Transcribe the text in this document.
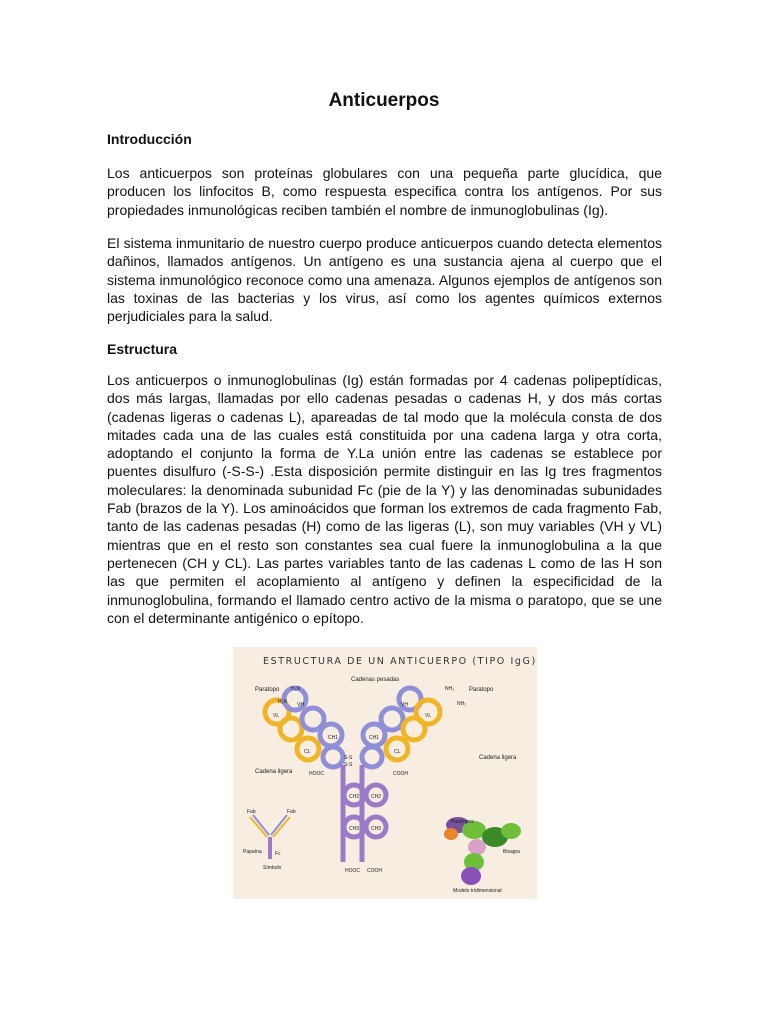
Anticuerpos
Introducción

Los anticuerpos son proteínas globulares con una pequeña parte glucídica, que producen los linfocitos B, como respuesta especifica contra los antígenos. Por sus propiedades inmunológicas reciben también el nombre de inmunoglobulinas (Ig).

El sistema inmunitario de nuestro cuerpo produce anticuerpos cuando detecta elementos dañinos, llamados antígenos. Un antígeno es una sustancia ajena al cuerpo que el sistema inmunológico reconoce como una amenaza. Algunos ejemplos de antígenos son las toxinas de las bacterias y los virus, así como los agentes químicos externos perjudiciales para la salud.

Estructura

Los anticuerpos o inmunoglobulinas (Ig) están formadas por 4 cadenas polipeptídicas, dos más largas, llamadas por ello cadenas pesadas o cadenas H, y dos más cortas (cadenas ligeras o cadenas L), apareadas de tal modo que la molécula consta de dos mitades cada una de las cuales está constituida por una cadena larga y otra corta, adoptando el conjunto la forma de Y.La unión entre las cadenas se establece por puentes disulfuro (-S-S-) .Esta disposición permite distinguir en las Ig tres fragmentos moleculares: la denominada subunidad Fc (pie de la Y) y las denominadas subunidades Fab (brazos de la Y). Los aminoácidos que forman los extremos de cada fragmento Fab, tanto de las cadenas pesadas (H) como de las ligeras (L), son muy variables (VH y VL) mientras que en el resto son constantes sea cual fuere la inmunoglobulina a la que pertenecen (CH y CL). Las partes variables tanto de las cadenas L como de las H son las que permiten el acoplamiento al antígeno y definen la especificidad de la inmunoglobulina, formando el llamado centro activo de la misma o paratopo, que se une con el determinante antigénico o epítopo.

ESTRUCTURA DE UN ANTICUERPO (TIPO IgG)
Cadenas pesadas
Paratopo	Paratopo
H₂N
H₂N
NH₂
NH₂
VH
VL
CH1
CL
VH
VL
CH1
CL
S-S
S-S
Cadena ligera
Cadena ligera
HOOC	COOH
CH2 CH2
CH3 CH3
HOOC COOH
Fab	Fab
Fc
Papaína
Símbolo
Paratopos
Bisagra
Modelo tridimensional
